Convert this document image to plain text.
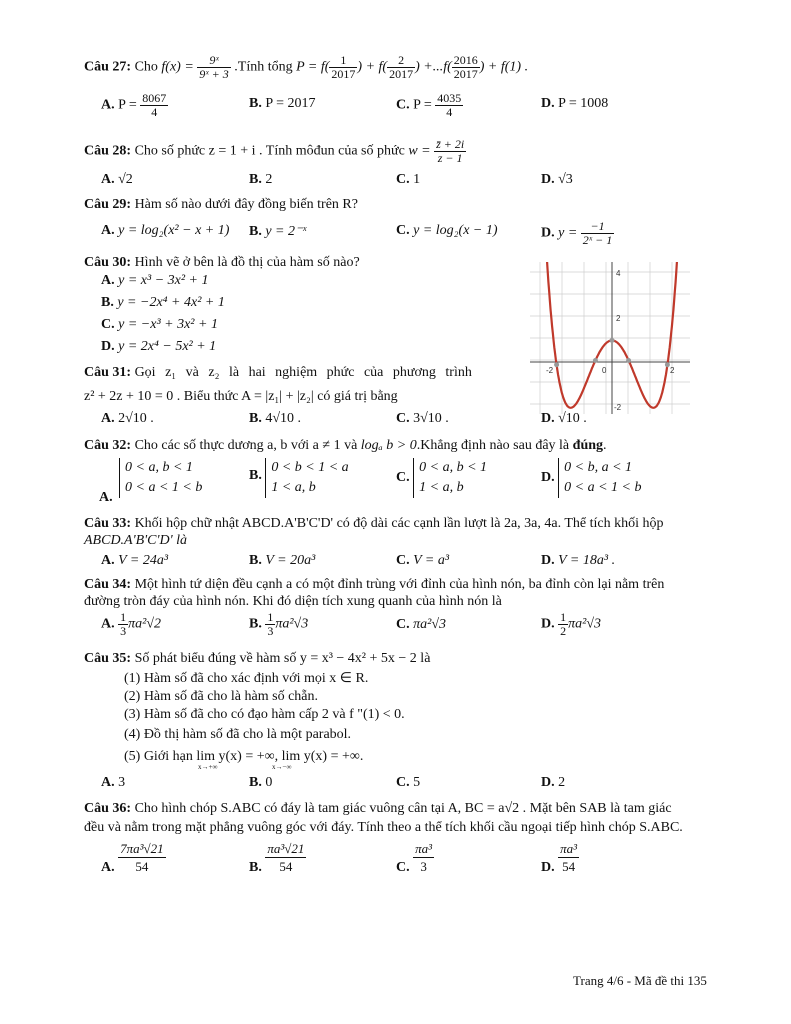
Câu 27: Cho $f(x) = \frac{\text{9ˣ}}{\text{9ˣ + 3}}$ .Tính tổng $P = f( \frac{1}{2017}$ ) + $f( \frac{2}{2017}$ ) $+...f( \frac{2016}{2017}$ ) + f(1) .
A. $P = \frac{8067}{4}$	B. P = 2017	C. $P = \frac{4035}{4}$	D. P = 1008
Câu 28: Cho số phức z = 1 + i . Tính môđun của số phức $w = \frac{z̄ + 2i}{z - 1}$
A. √2	B. 2	C. 1	D. √3
Câu 29: Hàm số nào dưới đây đồng biến trên R?
A. y = log₂(x² − x + 1) B. y = 2⁻ˣ	C. y = log₂(x − 1)	D. $y = \frac{-1}{\text{2ˣ − 1}}$
Câu 30: Hình vẽ ở bên là đồ thị của hàm số nào?
A. y = x³ − 3x² + 1
B. y = −2x⁴ + 4x² + 1
C. y = −x³ + 3x² + 1
D. y = 2x⁴ − 5x² + 1
4
2
-2
-2	0	2
Câu 31: Gọi z₁ và z₂ là hai nghiệm phức của phương trình
z² + 2z + 10 = 0 . Biểu thức A = |z₁| + |z₂| có giá trị bằng
A. 2√10 .	B. 4√10 .	C. 3√10 .	D. √10 .
Câu 32: Cho các số thực dương a, b với a ≠ 1 và logₐ b > 0.Khẳng định nào sau đây là đúng.
A.
0 < a, b < 1
0 < a < 1 < b
B. 0 < b < 1 < a
1 < a, b
C. 0 < a, b < 1
1 < a, b
D. 0 < b, a < 1
0 < a < 1 < b
Câu 33: Khối hộp chữ nhật ABCD.A'B'C'D' có độ dài các cạnh lần lượt là 2a, 3a, 4a. Thể tích khối hộp
ABCD.A'B'C'D' là
A. V = 24a³	B. V = 20a³	C. V = a³	D. V = 18a³ .
Câu 34: Một hình tứ diện đều cạnh a có một đỉnh trùng với đỉnh của hình nón, ba đỉnh còn lại nằm trên
đường tròn đáy của hình nón. Khi đó diện tích xung quanh của hình nón là
A. $\frac{1}{3} \pi a^2√2$	B. $\frac{1}{3} \pi a^2√3$	C. πa²√3	D. $\frac{1}{2} \pi a^2√3$
Câu 35: Số phát biểu đúng về hàm số y = x³ − 4x² + 5x − 2 là
(1) Hàm số đã cho xác định với mọi x ∈ R.
(2) Hàm số đã cho là hàm số chẵn.
(3) Hàm số đã cho có đạo hàm cấp 2 và f "(1) < 0.
(4) Đồ thị hàm số đã cho là một parabol.
(5) Giới hạn lim y(x) = +∞, lim y(x) = +∞.
x→+∞	x→−∞
A. 3	B. 0	C. 5	D. 2
Câu 36: Cho hình chóp S.ABC có đáy là tam giác vuông cân tại A, BC = a√2 . Mặt bên SAB là tam giác
đều và nằm trong mặt phẳng vuông góc với đáy. Tính theo a thể tích khối cầu ngoại tiếp hình chóp S.ABC.
A. $\frac{\text{7πa³√21}}{54}$	B. $\frac{\text{πa³√21}}{54}$	C. $\frac{\text{πa³}}{3}$	D. $\frac{\text{πa³}}{54}$
Trang 4/6 - Mã đề thi 135
